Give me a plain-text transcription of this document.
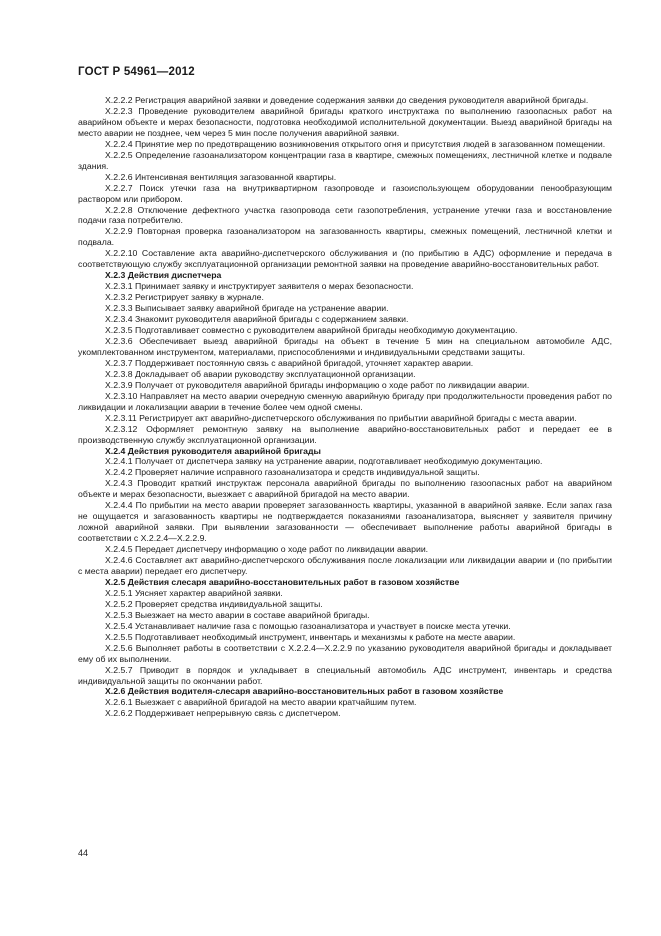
ГОСТ Р 54961—2012

Х.2.2.2 Регистрация аварийной заявки и доведение содержания заявки до сведения руководителя аварийной бригады.

Х.2.2.3 Проведение руководителем аварийной бригады краткого инструктажа по выполнению газоопасных работ на аварийном объекте и мерах безопасности, подготовка необходимой исполнительной документации. Выезд аварийной бригады на место аварии не позднее, чем через 5 мин после получения аварийной заявки.

Х.2.2.4 Принятие мер по предотвращению возникновения открытого огня и присутствия людей в загазованном помещении.

Х.2.2.5 Определение газоанализатором концентрации газа в квартире, смежных помещениях, лестничной клетке и подвале здания.

Х.2.2.6 Интенсивная вентиляция загазованной квартиры.

Х.2.2.7 Поиск утечки газа на внутриквартирном газопроводе и газоиспользующем оборудовании пенообразующим раствором или прибором.

Х.2.2.8 Отключение дефектного участка газопровода сети газопотребления, устранение утечки газа и восстановление подачи газа потребителю.

Х.2.2.9 Повторная проверка газоанализатором на загазованность квартиры, смежных помещений, лестничной клетки и подвала.

Х.2.2.10 Составление акта аварийно-диспетчерского обслуживания и (по прибытию в АДС) оформление и передача в соответствующую службу эксплуатационной организации ремонтной заявки на проведение аварийно-восстановительных работ.

Х.2.3 Действия диспетчера

Х.2.3.1 Принимает заявку и инструктирует заявителя о мерах безопасности.

Х.2.3.2 Регистрирует заявку в журнале.

Х.2.3.3 Выписывает заявку аварийной бригаде на устранение аварии.

Х.2.3.4 Знакомит руководителя аварийной бригады с содержанием заявки.

Х.2.3.5 Подготавливает совместно с руководителем аварийной бригады необходимую документацию.

Х.2.3.6 Обеспечивает выезд аварийной бригады на объект в течение 5 мин на специальном автомобиле АДС, укомплектованном инструментом, материалами, приспособлениями и индивидуальными средствами защиты.

Х.2.3.7 Поддерживает постоянную связь с аварийной бригадой, уточняет характер аварии.

Х.2.3.8 Докладывает об аварии руководству эксплуатационной организации.

Х.2.3.9 Получает от руководителя аварийной бригады информацию о ходе работ по ликвидации аварии.

Х.2.3.10 Направляет на место аварии очередную сменную аварийную бригаду при продолжительности проведения работ по ликвидации и локализации аварии в течение более чем одной смены.

Х.2.3.11 Регистрирует акт аварийно-диспетчерского обслуживания по прибытии аварийной бригады с места аварии.

Х.2.3.12 Оформляет ремонтную заявку на выполнение аварийно-восстановительных работ и передает ее в производственную службу эксплуатационной организации.

Х.2.4 Действия руководителя аварийной бригады

Х.2.4.1 Получает от диспетчера заявку на устранение аварии, подготавливает необходимую документацию.

Х.2.4.2 Проверяет наличие исправного газоанализатора и средств индивидуальной защиты.

Х.2.4.3 Проводит краткий инструктаж персонала аварийной бригады по выполнению газоопасных работ на аварийном объекте и мерах безопасности, выезжает с аварийной бригадой на место аварии.

Х.2.4.4 По прибытии на место аварии проверяет загазованность квартиры, указанной в аварийной заявке. Если запах газа не ощущается и загазованность квартиры не подтверждается показаниями газоанализатора, выясняет у заявителя причину ложной аварийной заявки. При выявлении загазованности — обеспечивает выполнение работы аварийной бригады в соответствии с Х.2.2.4—Х.2.2.9.

Х.2.4.5 Передает диспетчеру информацию о ходе работ по ликвидации аварии.

Х.2.4.6 Составляет акт аварийно-диспетчерского обслуживания после локализации или ликвидации аварии и (по прибытии с места аварии) передает его диспетчеру.

Х.2.5 Действия слесаря аварийно-восстановительных работ в газовом хозяйстве

Х.2.5.1 Уясняет характер аварийной заявки.

Х.2.5.2 Проверяет средства индивидуальной защиты.

Х.2.5.3 Выезжает на место аварии в составе аварийной бригады.

Х.2.5.4 Устанавливает наличие газа с помощью газоанализатора и участвует в поиске места утечки.

Х.2.5.5 Подготавливает необходимый инструмент, инвентарь и механизмы к работе на месте аварии.

Х.2.5.6 Выполняет работы в соответствии с Х.2.2.4—Х.2.2.9 по указанию руководителя аварийной бригады и докладывает ему об их выполнении.

Х.2.5.7 Приводит в порядок и укладывает в специальный автомобиль АДС инструмент, инвентарь и средства индивидуальной защиты по окончании работ.

Х.2.6 Действия водителя-слесаря аварийно-восстановительных работ в газовом хозяйстве

Х.2.6.1 Выезжает с аварийной бригадой на место аварии кратчайшим путем.

Х.2.6.2 Поддерживает непрерывную связь с диспетчером.

44
